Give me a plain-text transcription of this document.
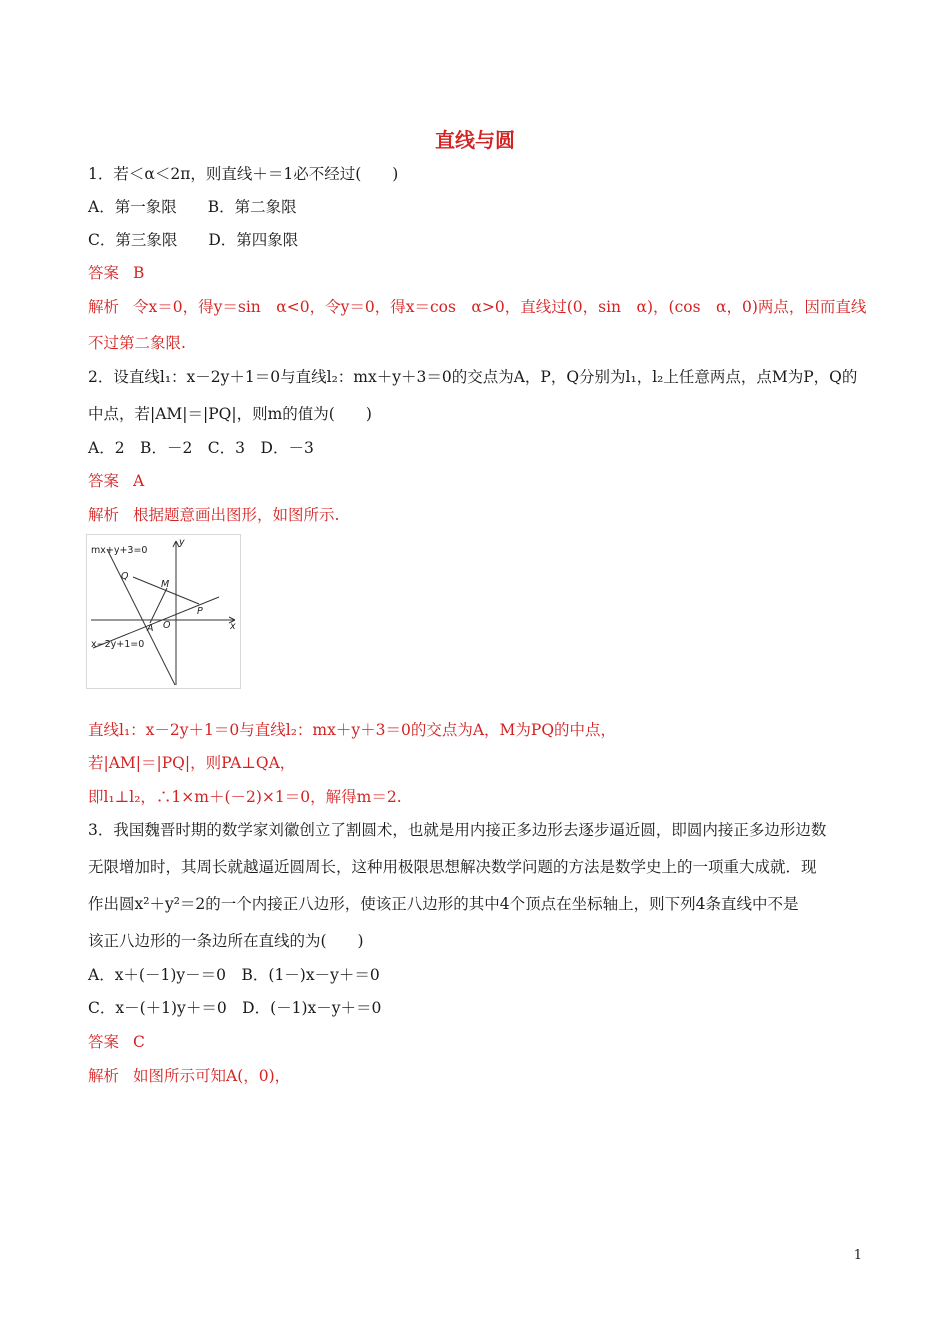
直线与圆
1．若＜α＜2π，则直线＋＝1必不经过(　　)
A．第一象限　　B．第二象限
C．第三象限　　D．第四象限
答案 B
解析 令x＝0，得y＝sin　α<0，令y＝0，得x＝cos　α>0，直线过(0，sin　α)，(cos　α，0)两点，因而直线
不过第二象限.
2．设直线l₁：x－2y＋1＝0与直线l₂：mx＋y＋3＝0的交点为A，P，Q分别为l₁，l₂上任意两点，点M为P，Q的
中点，若|AM|＝|PQ|，则m的值为(　　)
A．2　B．－2　C．3　D．－3
答案 A
解析 根据题意画出图形，如图所示.
mx+y+3=0
x−2y+1=0
y
x
Q
M
P
A O
直线l₁：x－2y＋1＝0与直线l₂：mx＋y＋3＝0的交点为A，M为PQ的中点，
若|AM|＝|PQ|，则PA⊥QA，
即l₁⊥l₂，∴1×m＋(－2)×1＝0，解得m＝2.
3．我国魏晋时期的数学家刘徽创立了割圆术，也就是用内接正多边形去逐步逼近圆，即圆内接正多边形边数
无限增加时，其周长就越逼近圆周长，这种用极限思想解决数学问题的方法是数学史上的一项重大成就．现
作出圆x²＋y²＝2的一个内接正八边形，使该正八边形的其中4个顶点在坐标轴上，则下列4条直线中不是
该正八边形的一条边所在直线的为(　　)
A．x＋(－1)y－＝0　B．(1－)x－y＋＝0
C．x－(＋1)y＋＝0　D．(－1)x－y＋＝0
答案 C
解析 如图所示可知A(，0)，
1
